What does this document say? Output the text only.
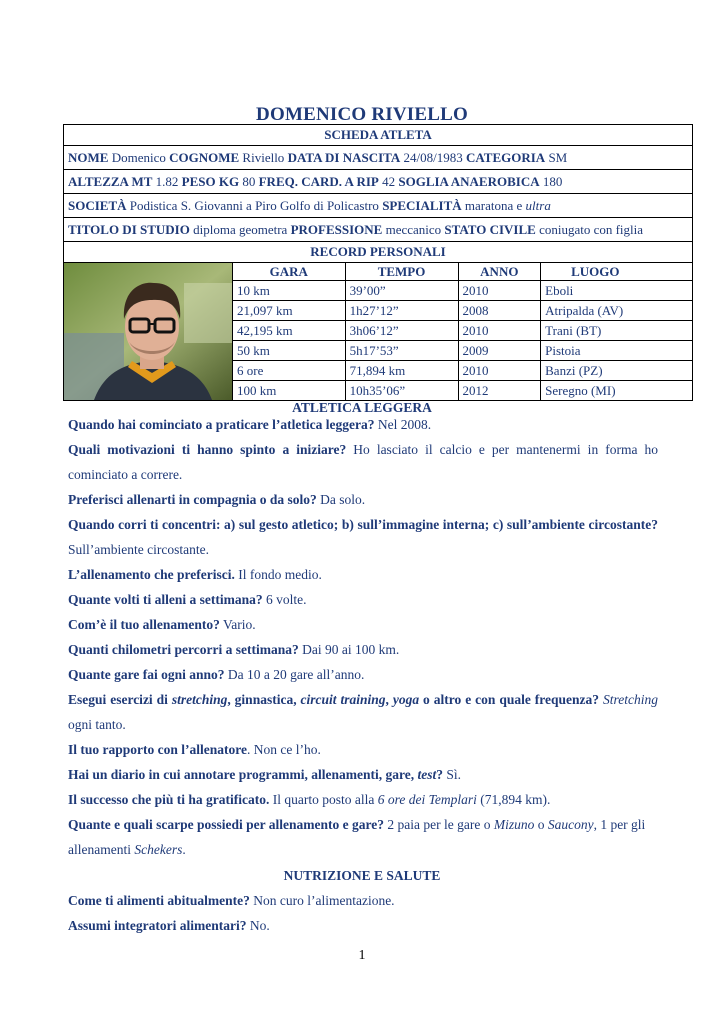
DOMENICO RIVIELLO
SCHEDA ATLETA
NOME Domenico COGNOME Riviello DATA DI NASCITA 24/08/1983 CATEGORIA SM
ALTEZZA MT 1.82 PESO KG 80 FREQ. CARD. A RIP 42 SOGLIA ANAEROBICA 180
SOCIETÀ Podistica S. Giovanni a Piro Golfo di Policastro SPECIALITÀ maratona e ultra
TITOLO DI STUDIO diploma geometra PROFESSIONE meccanico STATO CIVILE coniugato con figlia
RECORD PERSONALI
GARA	TEMPO	ANNO	LUOGO
10 km	39’00”	2010	Eboli
21,097 km	1h27’12”	2008	Atripalda (AV)
42,195 km	3h06’12”	2010	Trani (BT)
50 km	5h17’53”	2009	Pistoia
6 ore	71,894 km	2010	Banzi (PZ)
100 km	10h35’06”	2012	Seregno (MI)
ATLETICA LEGGERA
Quando hai cominciato a praticare l’atletica leggera? Nel 2008.
Quali motivazioni ti hanno spinto a iniziare? Ho lasciato il calcio e per mantenermi in forma ho cominciato a correre.
Preferisci allenarti in compagnia o da solo? Da solo.
Quando corri ti concentri: a) sul gesto atletico; b) sull’immagine interna; c) sull’ambiente circostante? Sull’ambiente circostante.
L’allenamento che preferisci. Il fondo medio.
Quante volti ti alleni a settimana? 6 volte.
Com’è il tuo allenamento? Vario.
Quanti chilometri percorri a settimana? Dai 90 ai 100 km.
Quante gare fai ogni anno? Da 10 a 20 gare all’anno.
Esegui esercizi di stretching, ginnastica, circuit training, yoga o altro e con quale frequenza? Stretching ogni tanto.
Il tuo rapporto con l’allenatore. Non ce l’ho.
Hai un diario in cui annotare programmi, allenamenti, gare, test? Sì.
Il successo che più ti ha gratificato. Il quarto posto alla 6 ore dei Templari (71,894 km).
Quante e quali scarpe possiedi per allenamento e gare? 2 paia per le gare o Mizuno o Saucony, 1 per gli allenamenti Schekers.
NUTRIZIONE E SALUTE
Come ti alimenti abitualmente? Non curo l’alimentazione.
Assumi integratori alimentari? No.
1
